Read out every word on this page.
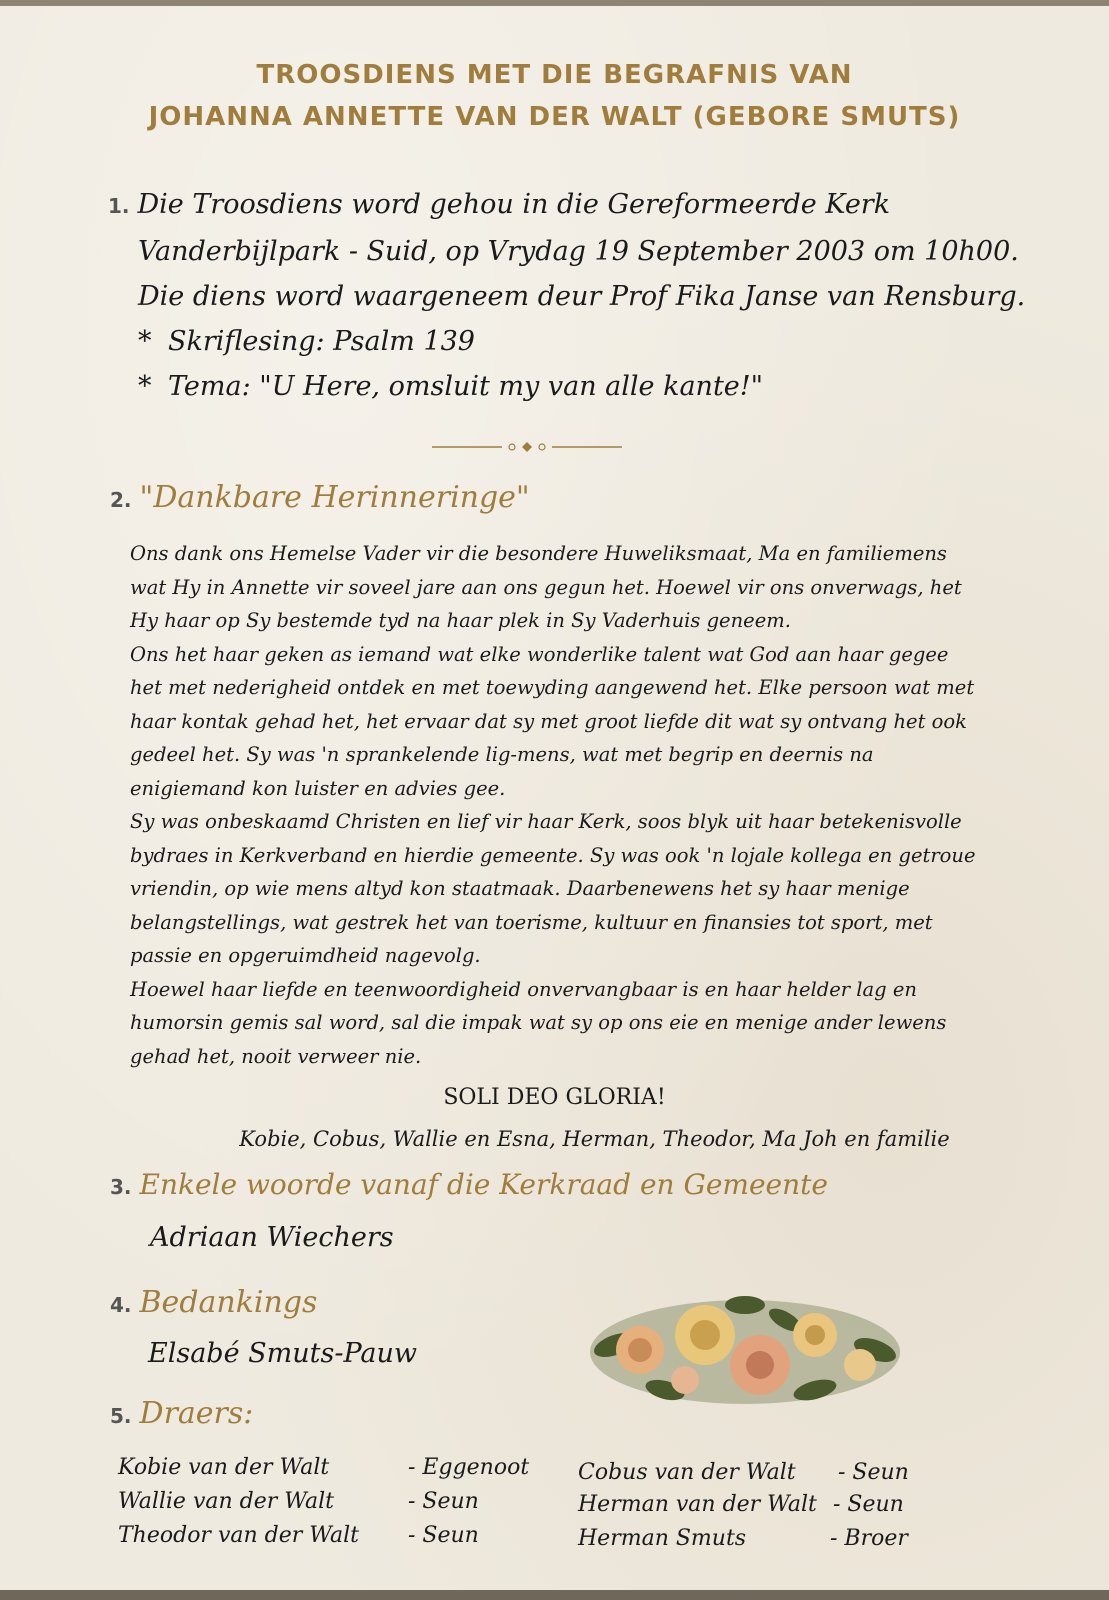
TROOSDIENS MET DIE BEGRAFNIS VAN
JOHANNA ANNETTE VAN DER WALT (GEBORE SMUTS)
1. Die Troosdiens word gehou in die Gereformeerde Kerk
Vanderbijlpark - Suid, op Vrydag 19 September 2003 om 10h00.
Die diens word waargeneem deur Prof Fika Janse van Rensburg.
* Skriflesing: Psalm 139
* Tema: "U Here, omsluit my van alle kante!"
2. "Dankbare Herinneringe"
Ons dank ons Hemelse Vader vir die besondere Huweliksmaat, Ma en familiemens
wat Hy in Annette vir soveel jare aan ons gegun het. Hoewel vir ons onverwags, het
Hy haar op Sy bestemde tyd na haar plek in Sy Vaderhuis geneem.
Ons het haar geken as iemand wat elke wonderlike talent wat God aan haar gegee
het met nederigheid ontdek en met toewyding aangewend het. Elke persoon wat met
haar kontak gehad het, het ervaar dat sy met groot liefde dit wat sy ontvang het ook
gedeel het. Sy was 'n sprankelende lig-mens, wat met begrip en deernis na
enigiemand kon luister en advies gee.
Sy was onbeskaamd Christen en lief vir haar Kerk, soos blyk uit haar betekenisvolle
bydraes in Kerkverband en hierdie gemeente. Sy was ook 'n lojale kollega en getroue
vriendin, op wie mens altyd kon staatmaak. Daarbenewens het sy haar menige
belangstellings, wat gestrek het van toerisme, kultuur en finansies tot sport, met
passie en opgeruimdheid nagevolg.
Hoewel haar liefde en teenwoordigheid onvervangbaar is en haar helder lag en
humorsin gemis sal word, sal die impak wat sy op ons eie en menige ander lewens
gehad het, nooit verweer nie.
SOLI DEO GLORIA!
Kobie, Cobus, Wallie en Esna, Herman, Theodor, Ma Joh en familie
3. Enkele woorde vanaf die Kerkraad en Gemeente
Adriaan Wiechers
4. Bedankings
Elsabé Smuts-Pauw
5. Draers:
Kobie van der Walt	- Eggenoot Cobus van der Walt - Seun
Wallie van der Walt	- Seun	Herman van der Walt - Seun
Theodor van der Walt - Seun	Herman Smuts	- Broer
